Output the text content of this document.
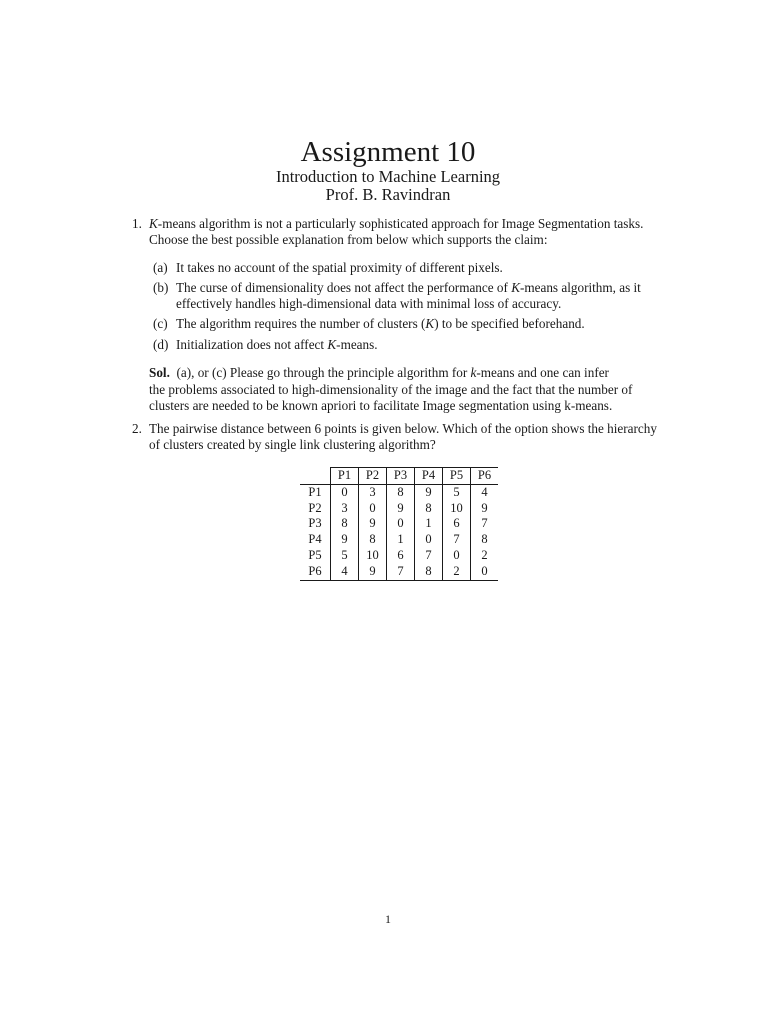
Assignment 10
Introduction to Machine Learning
Prof. B. Ravindran
1. K-means algorithm is not a particularly sophisticated approach for Image Segmentation tasks.
Choose the best possible explanation from below which supports the claim:
(a) It takes no account of the spatial proximity of different pixels.
(b) The curse of dimensionality does not affect the performance of K-means algorithm, as it
effectively handles high-dimensional data with minimal loss of accuracy.
(c) The algorithm requires the number of clusters (K) to be specified beforehand.
(d) Initialization does not affect K-means.
Sol. (a), or (c) Please go through the principle algorithm for k-means and one can infer
the problems associated to high-dimensionality of the image and the fact that the number of
clusters are needed to be known apriori to facilitate Image segmentation using k-means.
2. The pairwise distance between 6 points is given below. Which of the option shows the hierarchy
of clusters created by single link clustering algorithm?
	P1	P2	P3	P4	P5	P6
P1	0	3	8	9	5	4
P2	3	0	9	8	10	9
P3	8	9	0	1	6	7
P4	9	8	1	0	7	8
P5	5	10	6	7	0	2
P6	4	9	7	8	2	0
1
